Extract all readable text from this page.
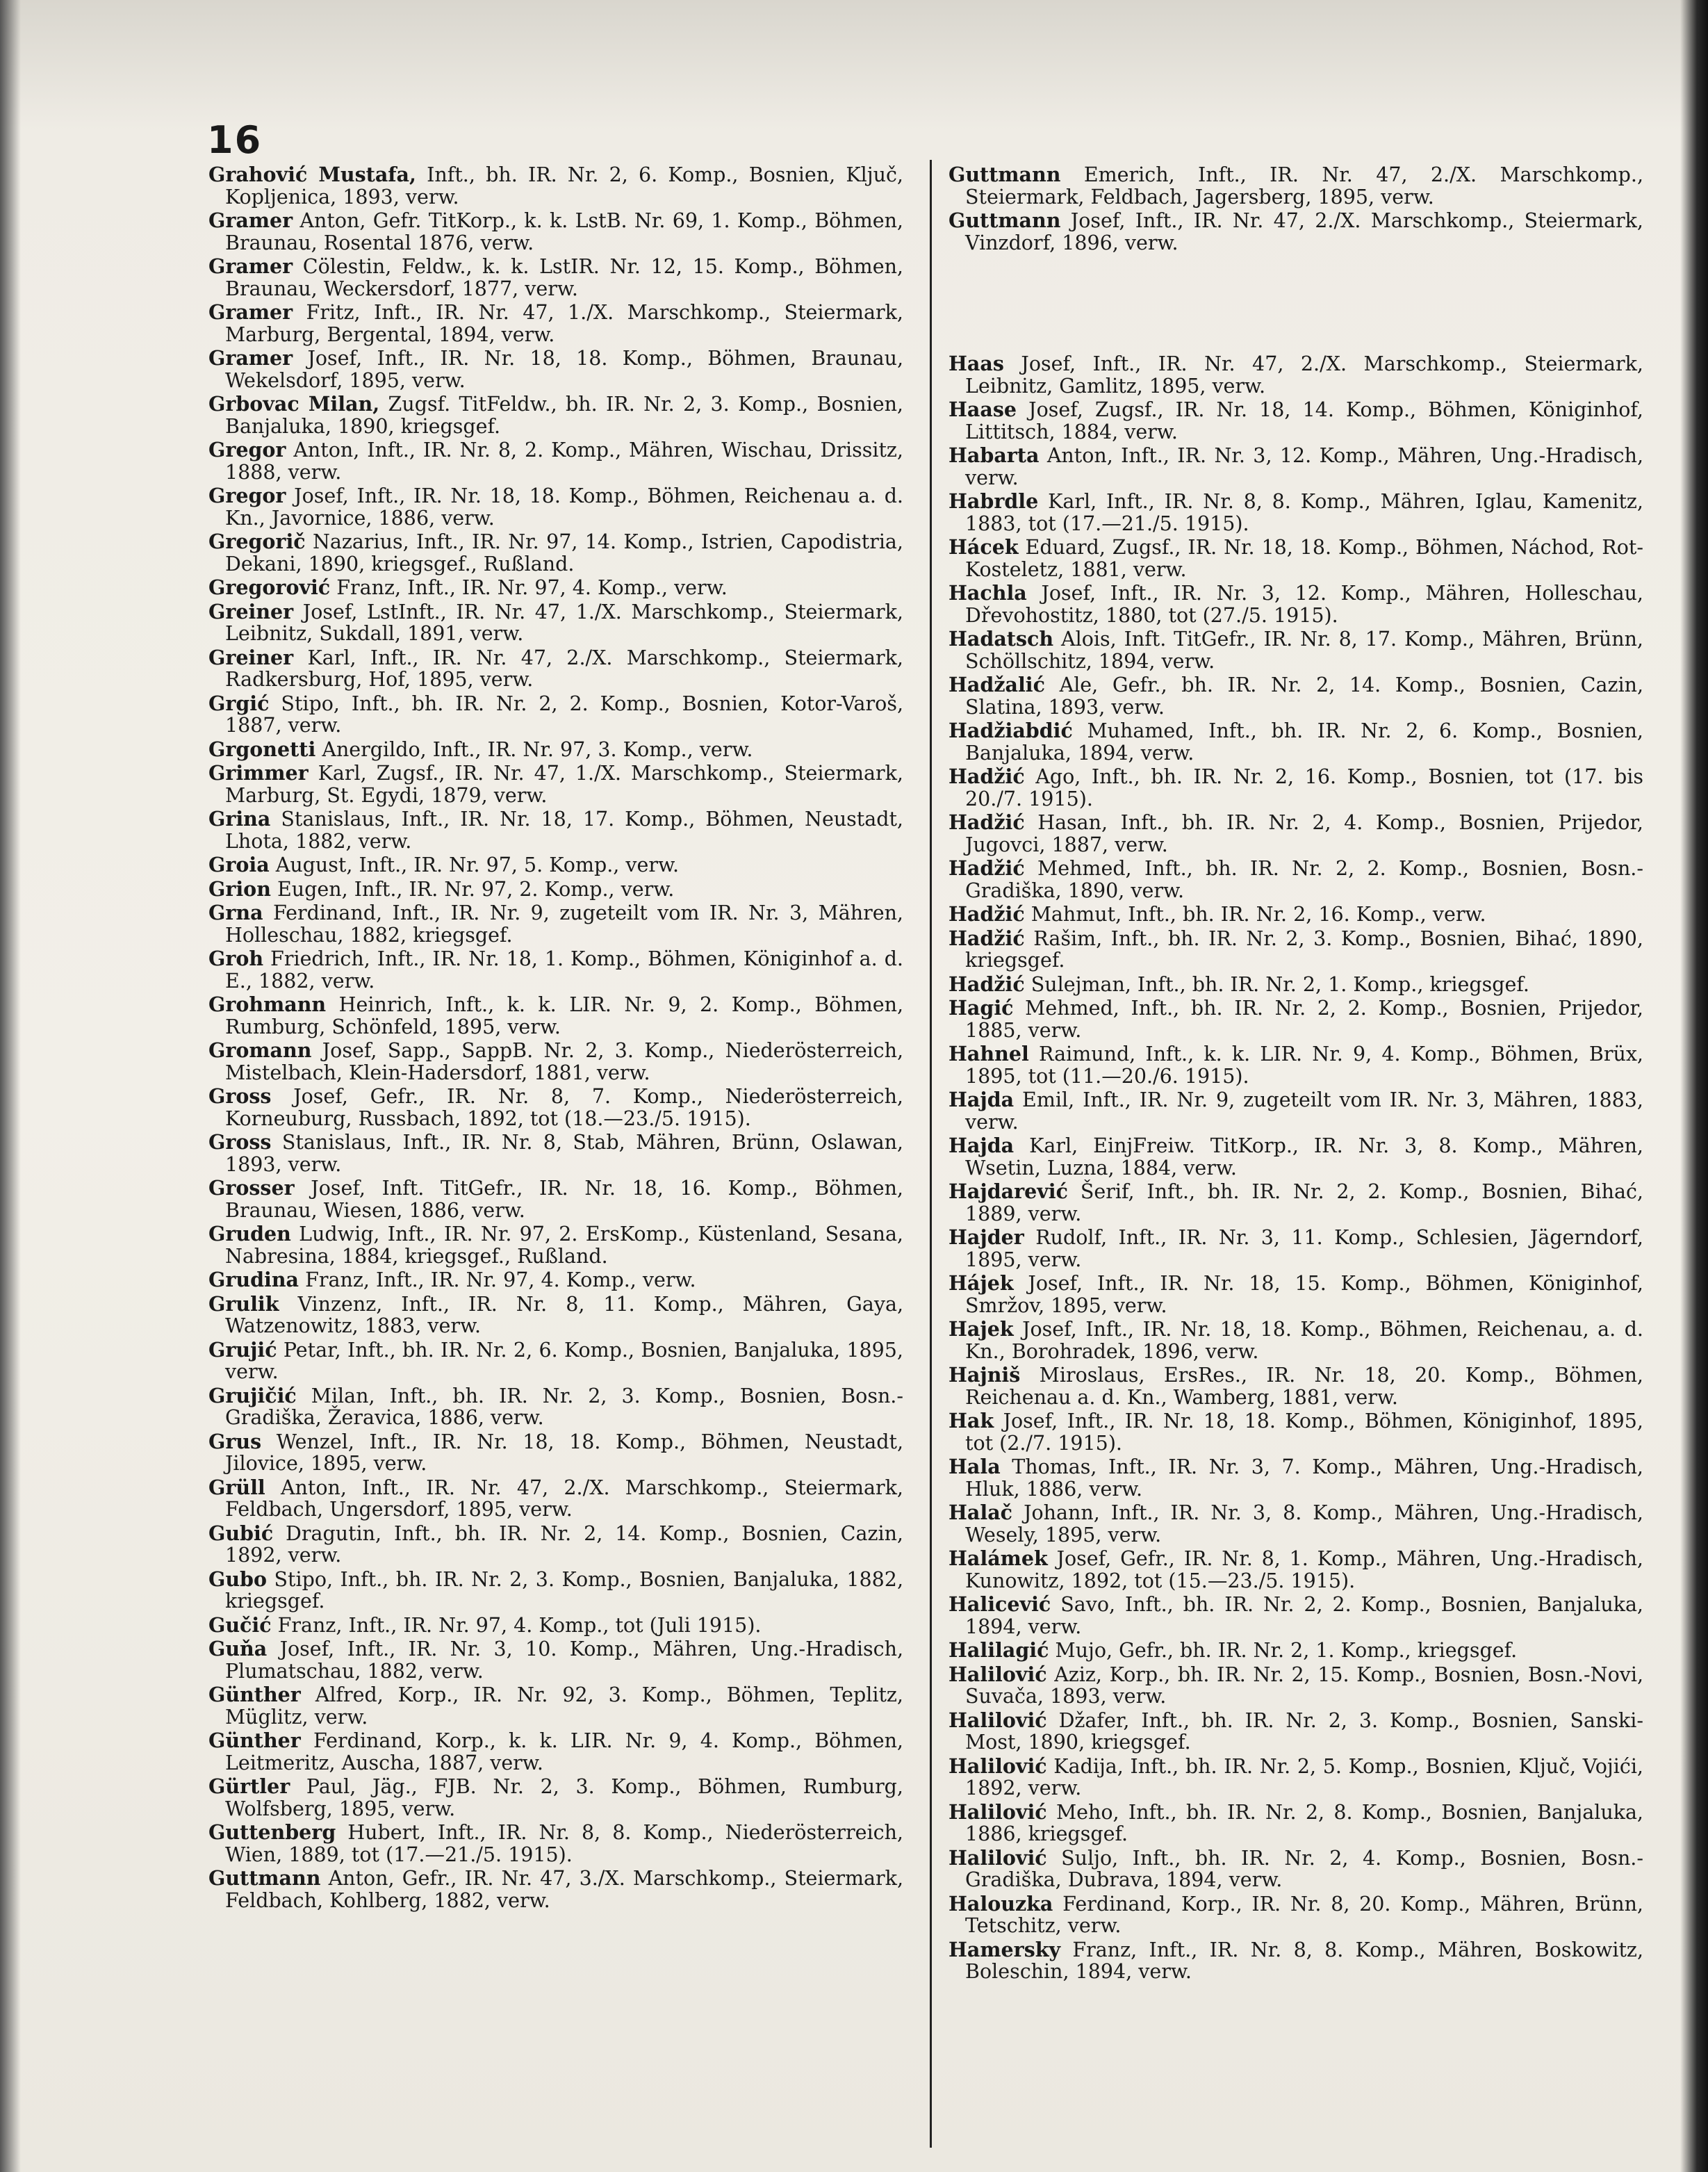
16

Grahović Mustafa, Inft., bh. IR. Nr. 2, 6. Komp., Bosnien, Ključ, Kopljenica, 1893, verw.

Gramer Anton, Gefr. TitKorp., k. k. LstB. Nr. 69, 1. Komp., Böhmen, Braunau, Rosental 1876, verw.

Gramer Cölestin, Feldw., k. k. LstIR. Nr. 12, 15. Komp., Böhmen, Braunau, Weckersdorf, 1877, verw.

Gramer Fritz, Inft., IR. Nr. 47, 1./X. Marschkomp., Steiermark, Marburg, Bergental, 1894, verw.

Gramer Josef, Inft., IR. Nr. 18, 18. Komp., Böhmen, Braunau, Wekelsdorf, 1895, verw.

Grbovac Milan, Zugsf. TitFeldw., bh. IR. Nr. 2, 3. Komp., Bosnien, Banjaluka, 1890, kriegsgef.

Gregor Anton, Inft., IR. Nr. 8, 2. Komp., Mähren, Wischau, Drissitz, 1888, verw.

Gregor Josef, Inft., IR. Nr. 18, 18. Komp., Böhmen, Reichenau a. d. Kn., Javornice, 1886, verw.

Gregorič Nazarius, Inft., IR. Nr. 97, 14. Komp., Istrien, Capodistria, Dekani, 1890, kriegsgef., Rußland.

Gregorović Franz, Inft., IR. Nr. 97, 4. Komp., verw.

Greiner Josef, LstInft., IR. Nr. 47, 1./X. Marschkomp., Steiermark, Leibnitz, Sukdall, 1891, verw.

Greiner Karl, Inft., IR. Nr. 47, 2./X. Marschkomp., Steiermark, Radkersburg, Hof, 1895, verw.

Grgić Stipo, Inft., bh. IR. Nr. 2, 2. Komp., Bosnien, Kotor-Varoš, 1887, verw.

Grgonetti Anergildo, Inft., IR. Nr. 97, 3. Komp., verw.

Grimmer Karl, Zugsf., IR. Nr. 47, 1./X. Marschkomp., Steiermark, Marburg, St. Egydi, 1879, verw.

Grina Stanislaus, Inft., IR. Nr. 18, 17. Komp., Böhmen, Neustadt, Lhota, 1882, verw.

Groia August, Inft., IR. Nr. 97, 5. Komp., verw.

Grion Eugen, Inft., IR. Nr. 97, 2. Komp., verw.

Grna Ferdinand, Inft., IR. Nr. 9, zugeteilt vom IR. Nr. 3, Mähren, Holleschau, 1882, kriegsgef.

Groh Friedrich, Inft., IR. Nr. 18, 1. Komp., Böhmen, Königinhof a. d. E., 1882, verw.

Grohmann Heinrich, Inft., k. k. LIR. Nr. 9, 2. Komp., Böhmen, Rumburg, Schönfeld, 1895, verw.

Gromann Josef, Sapp., SappB. Nr. 2, 3. Komp., Niederösterreich, Mistelbach, Klein-Hadersdorf, 1881, verw.

Gross Josef, Gefr., IR. Nr. 8, 7. Komp., Niederösterreich, Korneuburg, Russbach, 1892, tot (18.—23./5. 1915).

Gross Stanislaus, Inft., IR. Nr. 8, Stab, Mähren, Brünn, Oslawan, 1893, verw.

Grosser Josef, Inft. TitGefr., IR. Nr. 18, 16. Komp., Böhmen, Braunau, Wiesen, 1886, verw.

Gruden Ludwig, Inft., IR. Nr. 97, 2. ErsKomp., Küstenland, Sesana, Nabresina, 1884, kriegsgef., Rußland.

Grudina Franz, Inft., IR. Nr. 97, 4. Komp., verw.

Grulik Vinzenz, Inft., IR. Nr. 8, 11. Komp., Mähren, Gaya, Watzenowitz, 1883, verw.

Grujić Petar, Inft., bh. IR. Nr. 2, 6. Komp., Bosnien, Banjaluka, 1895, verw.

Grujičić Milan, Inft., bh. IR. Nr. 2, 3. Komp., Bosnien, Bosn.-Gradiška, Žeravica, 1886, verw.

Grus Wenzel, Inft., IR. Nr. 18, 18. Komp., Böhmen, Neustadt, Jilovice, 1895, verw.

Grüll Anton, Inft., IR. Nr. 47, 2./X. Marschkomp., Steiermark, Feldbach, Ungersdorf, 1895, verw.

Gubić Dragutin, Inft., bh. IR. Nr. 2, 14. Komp., Bosnien, Cazin, 1892, verw.

Gubo Stipo, Inft., bh. IR. Nr. 2, 3. Komp., Bosnien, Banjaluka, 1882, kriegsgef.

Gučić Franz, Inft., IR. Nr. 97, 4. Komp., tot (Juli 1915).

Guňa Josef, Inft., IR. Nr. 3, 10. Komp., Mähren, Ung.-Hradisch, Plumatschau, 1882, verw.

Günther Alfred, Korp., IR. Nr. 92, 3. Komp., Böhmen, Teplitz, Müglitz, verw.

Günther Ferdinand, Korp., k. k. LIR. Nr. 9, 4. Komp., Böhmen, Leitmeritz, Auscha, 1887, verw.

Gürtler Paul, Jäg., FJB. Nr. 2, 3. Komp., Böhmen, Rumburg, Wolfsberg, 1895, verw.

Guttenberg Hubert, Inft., IR. Nr. 8, 8. Komp., Niederösterreich, Wien, 1889, tot (17.—21./5. 1915).

Guttmann Anton, Gefr., IR. Nr. 47, 3./X. Marschkomp., Steiermark, Feldbach, Kohlberg, 1882, verw.

Guttmann Emerich, Inft., IR. Nr. 47, 2./X. Marschkomp., Steiermark, Feldbach, Jagersberg, 1895, verw.

Guttmann Josef, Inft., IR. Nr. 47, 2./X. Marschkomp., Steiermark, Vinzdorf, 1896, verw.

Haas Josef, Inft., IR. Nr. 47, 2./X. Marschkomp., Steiermark, Leibnitz, Gamlitz, 1895, verw.

Haase Josef, Zugsf., IR. Nr. 18, 14. Komp., Böhmen, Königinhof, Littitsch, 1884, verw.

Habarta Anton, Inft., IR. Nr. 3, 12. Komp., Mähren, Ung.-Hradisch, verw.

Habrdle Karl, Inft., IR. Nr. 8, 8. Komp., Mähren, Iglau, Kamenitz, 1883, tot (17.—21./5. 1915).

Hácek Eduard, Zugsf., IR. Nr. 18, 18. Komp., Böhmen, Náchod, Rot-Kosteletz, 1881, verw.

Hachla Josef, Inft., IR. Nr. 3, 12. Komp., Mähren, Holleschau, Dřevohostitz, 1880, tot (27./5. 1915).

Hadatsch Alois, Inft. TitGefr., IR. Nr. 8, 17. Komp., Mähren, Brünn, Schöllschitz, 1894, verw.

Hadžalić Ale, Gefr., bh. IR. Nr. 2, 14. Komp., Bosnien, Cazin, Slatina, 1893, verw.

Hadžiabdić Muhamed, Inft., bh. IR. Nr. 2, 6. Komp., Bosnien, Banjaluka, 1894, verw.

Hadžić Ago, Inft., bh. IR. Nr. 2, 16. Komp., Bosnien, tot (17. bis 20./7. 1915).

Hadžić Hasan, Inft., bh. IR. Nr. 2, 4. Komp., Bosnien, Prijedor, Jugovci, 1887, verw.

Hadžić Mehmed, Inft., bh. IR. Nr. 2, 2. Komp., Bosnien, Bosn.-Gradiška, 1890, verw.

Hadžić Mahmut, Inft., bh. IR. Nr. 2, 16. Komp., verw.

Hadžić Rašim, Inft., bh. IR. Nr. 2, 3. Komp., Bosnien, Bihać, 1890, kriegsgef.

Hadžić Sulejman, Inft., bh. IR. Nr. 2, 1. Komp., kriegsgef.

Hagić Mehmed, Inft., bh. IR. Nr. 2, 2. Komp., Bosnien, Prijedor, 1885, verw.

Hahnel Raimund, Inft., k. k. LIR. Nr. 9, 4. Komp., Böhmen, Brüx, 1895, tot (11.—20./6. 1915).

Hajda Emil, Inft., IR. Nr. 9, zugeteilt vom IR. Nr. 3, Mähren, 1883, verw.

Hajda Karl, EinjFreiw. TitKorp., IR. Nr. 3, 8. Komp., Mähren, Wsetin, Luzna, 1884, verw.

Hajdarević Šerif, Inft., bh. IR. Nr. 2, 2. Komp., Bosnien, Bihać, 1889, verw.

Hajder Rudolf, Inft., IR. Nr. 3, 11. Komp., Schlesien, Jägerndorf, 1895, verw.

Hájek Josef, Inft., IR. Nr. 18, 15. Komp., Böhmen, Königinhof, Smržov, 1895, verw.

Hajek Josef, Inft., IR. Nr. 18, 18. Komp., Böhmen, Reichenau, a. d. Kn., Borohradek, 1896, verw.

Hajniš Miroslaus, ErsRes., IR. Nr. 18, 20. Komp., Böhmen, Reichenau a. d. Kn., Wamberg, 1881, verw.

Hak Josef, Inft., IR. Nr. 18, 18. Komp., Böhmen, Königinhof, 1895, tot (2./7. 1915).

Hala Thomas, Inft., IR. Nr. 3, 7. Komp., Mähren, Ung.-Hradisch, Hluk, 1886, verw.

Halač Johann, Inft., IR. Nr. 3, 8. Komp., Mähren, Ung.-Hradisch, Wesely, 1895, verw.

Halámek Josef, Gefr., IR. Nr. 8, 1. Komp., Mähren, Ung.-Hradisch, Kunowitz, 1892, tot (15.—23./5. 1915).

Halicević Savo, Inft., bh. IR. Nr. 2, 2. Komp., Bosnien, Banjaluka, 1894, verw.

Halilagić Mujo, Gefr., bh. IR. Nr. 2, 1. Komp., kriegsgef.

Halilović Aziz, Korp., bh. IR. Nr. 2, 15. Komp., Bosnien, Bosn.-Novi, Suvača, 1893, verw.

Halilović Džafer, Inft., bh. IR. Nr. 2, 3. Komp., Bosnien, Sanski-Most, 1890, kriegsgef.

Halilović Kadija, Inft., bh. IR. Nr. 2, 5. Komp., Bosnien, Ključ, Vojići, 1892, verw.

Halilović Meho, Inft., bh. IR. Nr. 2, 8. Komp., Bosnien, Banjaluka, 1886, kriegsgef.

Halilović Suljo, Inft., bh. IR. Nr. 2, 4. Komp., Bosnien, Bosn.-Gradiška, Dubrava, 1894, verw.

Halouzka Ferdinand, Korp., IR. Nr. 8, 20. Komp., Mähren, Brünn, Tetschitz, verw.

Hamersky Franz, Inft., IR. Nr. 8, 8. Komp., Mähren, Boskowitz, Boleschin, 1894, verw.
